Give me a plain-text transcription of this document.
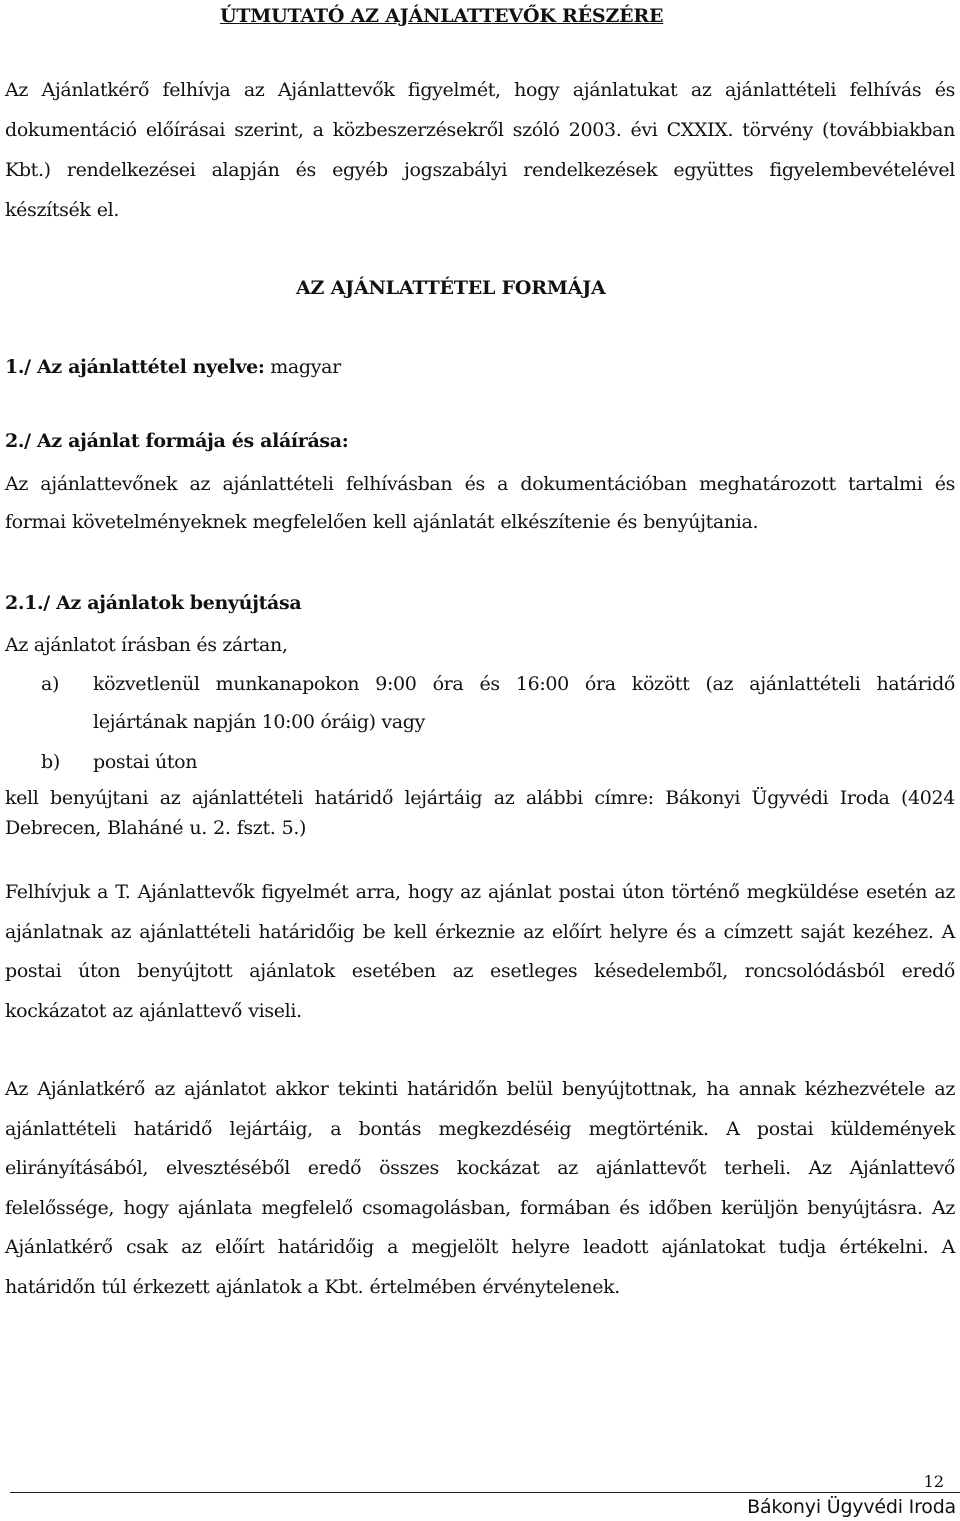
ÚTMUTATÓ AZ AJÁNLATTEVŐK RÉSZÉRE

Az Ajánlatkérő felhívja az Ajánlattevők figyelmét, hogy ajánlatukat az ajánlattételi felhívás és dokumentáció előírásai szerint, a közbeszerzésekről szóló 2003. évi CXXIX. törvény (továbbiakban Kbt.) rendelkezései alapján és egyéb jogszabályi rendelkezések együttes figyelembevételével készítsék el.

AZ AJÁNLATTÉTEL FORMÁJA
1./ Az ajánlattétel nyelve: magyar
2./ Az ajánlat formája és aláírása:

Az ajánlattevőnek az ajánlattételi felhívásban és a dokumentációban meghatározott tartalmi és formai követelményeknek megfelelően kell ajánlatát elkészítenie és benyújtania.

2.1./ Az ajánlatok benyújtása
Az ajánlatot írásban és zártan,
a) közvetlenül munkanapokon 9:00 óra és 16:00 óra között (az ajánlattételi határidő
lejártának napján 10:00 óráig) vagy
b) postai úton

kell benyújtani az ajánlattételi határidő lejártáig az alábbi címre: Bákonyi Ügyvédi Iroda (4024 Debrecen, Blaháné u. 2. fszt. 5.)

Felhívjuk a T. Ajánlattevők figyelmét arra, hogy az ajánlat postai úton történő megküldése esetén az ajánlatnak az ajánlattételi határidőig be kell érkeznie az előírt helyre és a címzett saját kezéhez. A postai úton benyújtott ajánlatok esetében az esetleges késedelemből, roncsolódásból eredő kockázatot az ajánlattevő viseli.

Az Ajánlatkérő az ajánlatot akkor tekinti határidőn belül benyújtottnak, ha annak kézhezvétele az ajánlattételi határidő lejártáig, a bontás megkezdéséig megtörténik. A postai küldemények elirányításából, elvesztéséből eredő összes kockázat az ajánlattevőt terheli. Az Ajánlattevő felelőssége, hogy ajánlata megfelelő csomagolásban, formában és időben kerüljön benyújtásra. Az Ajánlatkérő csak az előírt határidőig a megjelölt helyre leadott ajánlatokat tudja értékelni. A határidőn túl érkezett ajánlatok a Kbt. értelmében érvénytelenek.

12
Bákonyi Ügyvédi Iroda
